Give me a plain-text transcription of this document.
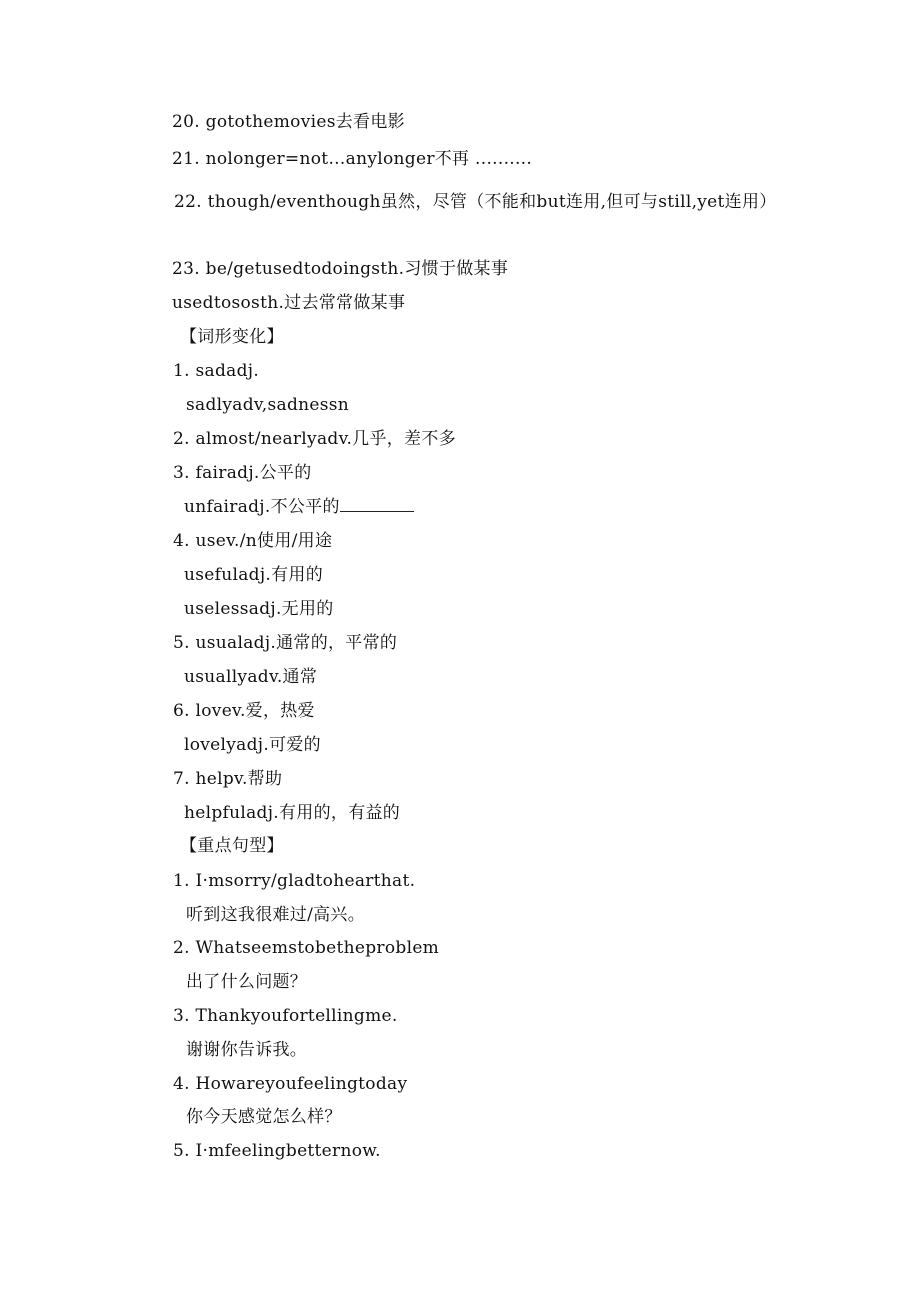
20. gotothemovies去看电影
21. nolonger=not…anylonger不再 ..........
22. though/eventhough虽然，尽管（不能和but连用,但可与still,yet连用）
23. be/getusedtodoingsth.习惯于做某事
usedtososth.过去常常做某事
【词形变化】
1. sadadj.
sadlyadv,sadnessn
2. almost/nearlyadv.几乎，差不多
3. fairadj.公平的
unfairadj.不公平的
4. usev./n使用/用途
usefuladj.有用的
uselessadj.无用的
5. usualadj.通常的，平常的
usuallyadv.通常
6. lovev.爱，热爱
lovelyadj.可爱的
7. helpv.帮助
helpfuladj.有用的，有益的
【重点句型】
1. I·msorry/gladtohearthat.
听到这我很难过/高兴。
2. Whatseemstobetheproblem
出了什么问题？
3. Thankyoufortellingme.
谢谢你告诉我。
4. Howareyoufeelingtoday
你今天感觉怎么样？
5. I·mfeelingbetternow.
